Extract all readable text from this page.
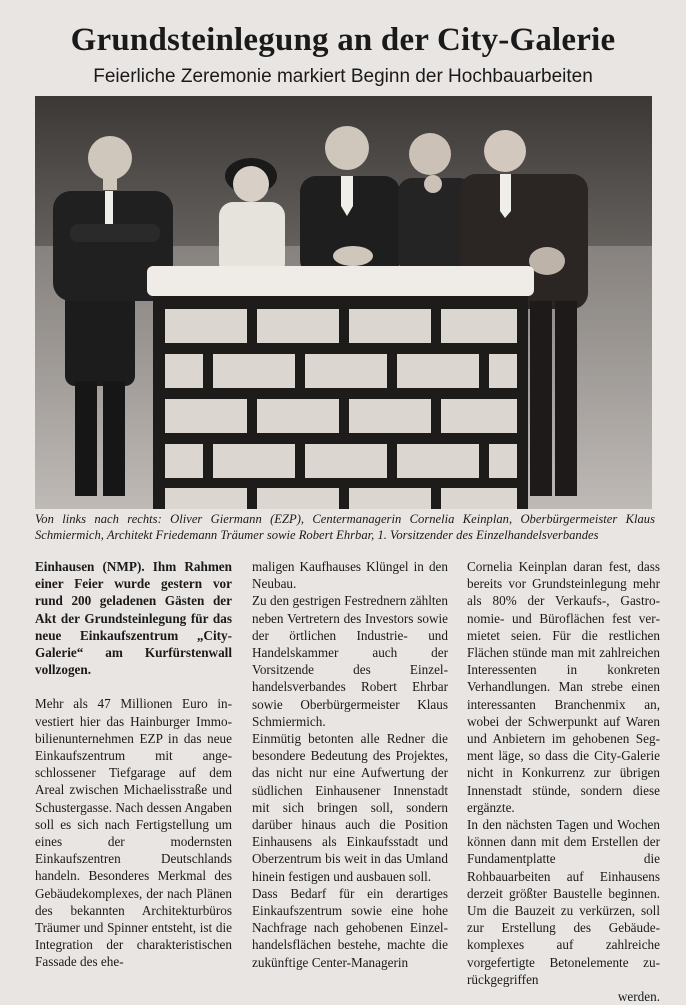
Grundsteinlegung an der City-Galerie
Feierliche Zeremonie markiert Beginn der Hochbauarbeiten
Von links nach rechts: Oliver Giermann (EZP), Centermanagerin Cornelia Keinplan, Oberbürgermeister Klaus Schmiermich, Architekt Friedemann Träumer sowie Robert Ehrbar, 1. Vorsitzender des Einzelhandelsverbandes

Einhausen (NMP). Ihm Rahmen einer Feier wurde gestern vor rund 200 geladenen Gästen der Akt der Grundsteinlegung für das neue Einkaufszentrum „City-Galerie“ am Kurfürstenwall vollzogen.

Mehr als 47 Millionen Euro investiert hier das Hainburger Immobilienunternehmen EZP in das neue Einkaufszentrum mit angeschlossener Tiefgarage auf dem Areal zwischen Michaelisstraße und Schustergasse. Nach dessen Angaben soll es sich nach Fertigstellung um eines der modernsten Einkaufszentren Deutschlands handeln. Besonderes Merkmal des Gebäudekomplexes, der nach Plänen des bekannten Architekturbüros Träumer und Spinner entsteht, ist die Integration der charakteristischen Fassade des ehe-

maligen Kaufhauses Klüngel in den Neubau.

Zu den gestrigen Festrednern zählten neben Vertretern des Investors sowie der örtlichen Industrie- und Handelskammer auch der Vorsitzende des Einzelhandelsverbandes Robert Ehrbar sowie Oberbürgermeister Klaus Schmiermich.

Einmütig betonten alle Redner die besondere Bedeutung des Projektes, das nicht nur eine Aufwertung der südlichen Einhausener Innenstadt mit sich bringen soll, sondern darüber hinaus auch die Position Einhausens als Einkaufsstadt und Oberzentrum bis weit in das Umland hinein festigen und ausbauen soll.

Dass Bedarf für ein derartiges Einkaufszentrum sowie eine hohe Nachfrage nach gehobenen Einzelhandelsflächen bestehe, machte die zukünftige Center-Managerin

Cornelia Keinplan daran fest, dass bereits vor Grundsteinlegung mehr als 80% der Verkaufs-, Gastronomie- und Büroflächen fest vermietet seien. Für die restlichen Flächen stünde man mit zahlreichen Interessenten in konkreten Verhandlungen. Man strebe einen interessanten Branchenmix an, wobei der Schwerpunkt auf Waren und Anbietern im gehobenen Segment läge, so dass die City-Galerie nicht in Konkurrenz zur übrigen Innenstadt stünde, sondern diese ergänzte.

In den nächsten Tagen und Wochen können dann mit dem Erstellen der Fundamentplatte die Rohbauarbeiten auf Einhausens derzeit größter Baustelle beginnen. Um die Bauzeit zu verkürzen, soll zur Erstellung des Gebäudekomplexes auf zahlreiche vorgefertigte Betonelemente zurückgegriffen

werden.
